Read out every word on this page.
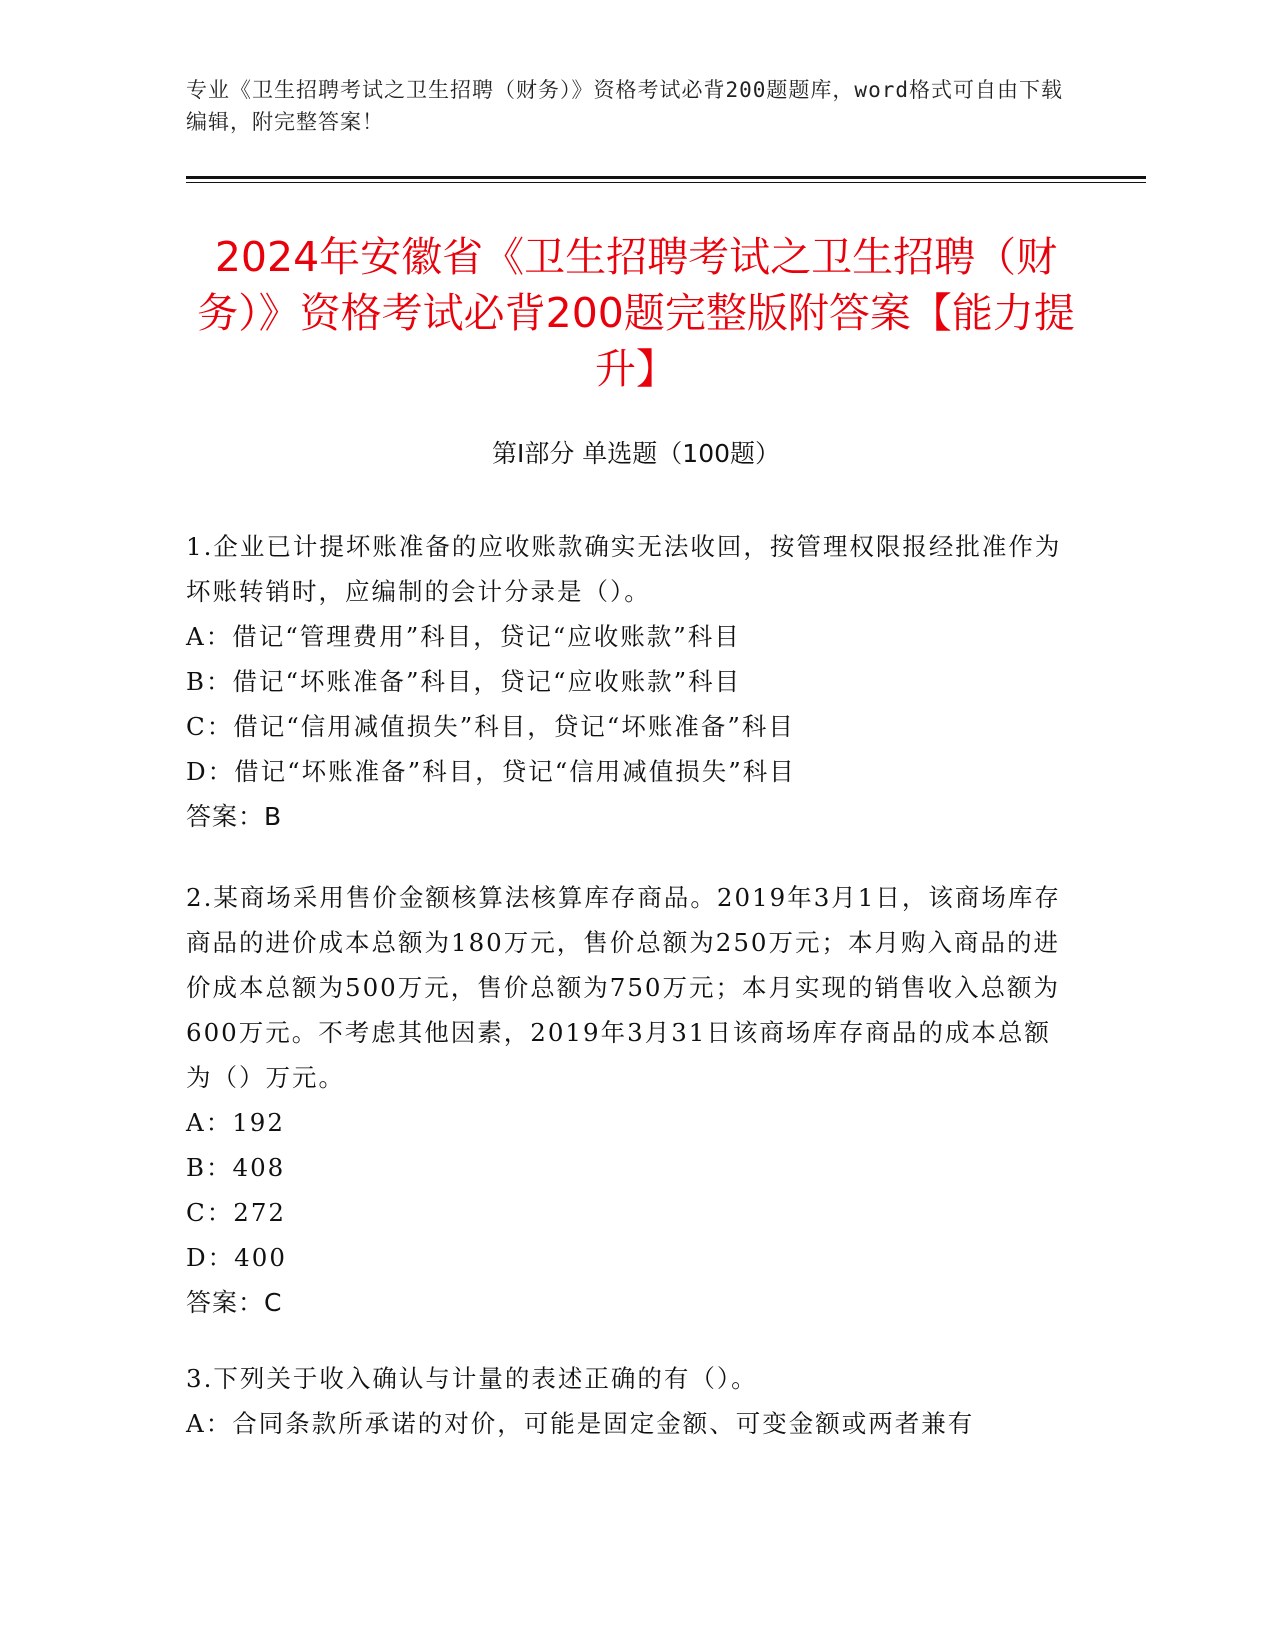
专业《卫生招聘考试之卫生招聘（财务）》资格考试必背200题题库，word格式可自由下载编辑，附完整答案！
2024年安徽省《卫生招聘考试之卫生招聘（财务）》资格考试必背200题完整版附答案【能力提升】
第I部分 单选题（100题）

1.企业已计提坏账准备的应收账款确实无法收回，按管理权限报经批准作为坏账转销时，应编制的会计分录是（）。

A：借记“管理费用”科目，贷记“应收账款”科目

B：借记“坏账准备”科目，贷记“应收账款”科目

C：借记“信用减值损失”科目，贷记“坏账准备”科目

D：借记“坏账准备”科目，贷记“信用减值损失”科目

答案：B

2.某商场采用售价金额核算法核算库存商品。2019年3月1日，该商场库存商品的进价成本总额为180万元，售价总额为250万元；本月购入商品的进价成本总额为500万元，售价总额为750万元；本月实现的销售收入总额为600万元。不考虑其他因素，2019年3月31日该商场库存商品的成本总额为（）万元。

A：192

B：408

C：272

D：400

答案：C

3.下列关于收入确认与计量的表述正确的有（）。

A：合同条款所承诺的对价，可能是固定金额、可变金额或两者兼有
